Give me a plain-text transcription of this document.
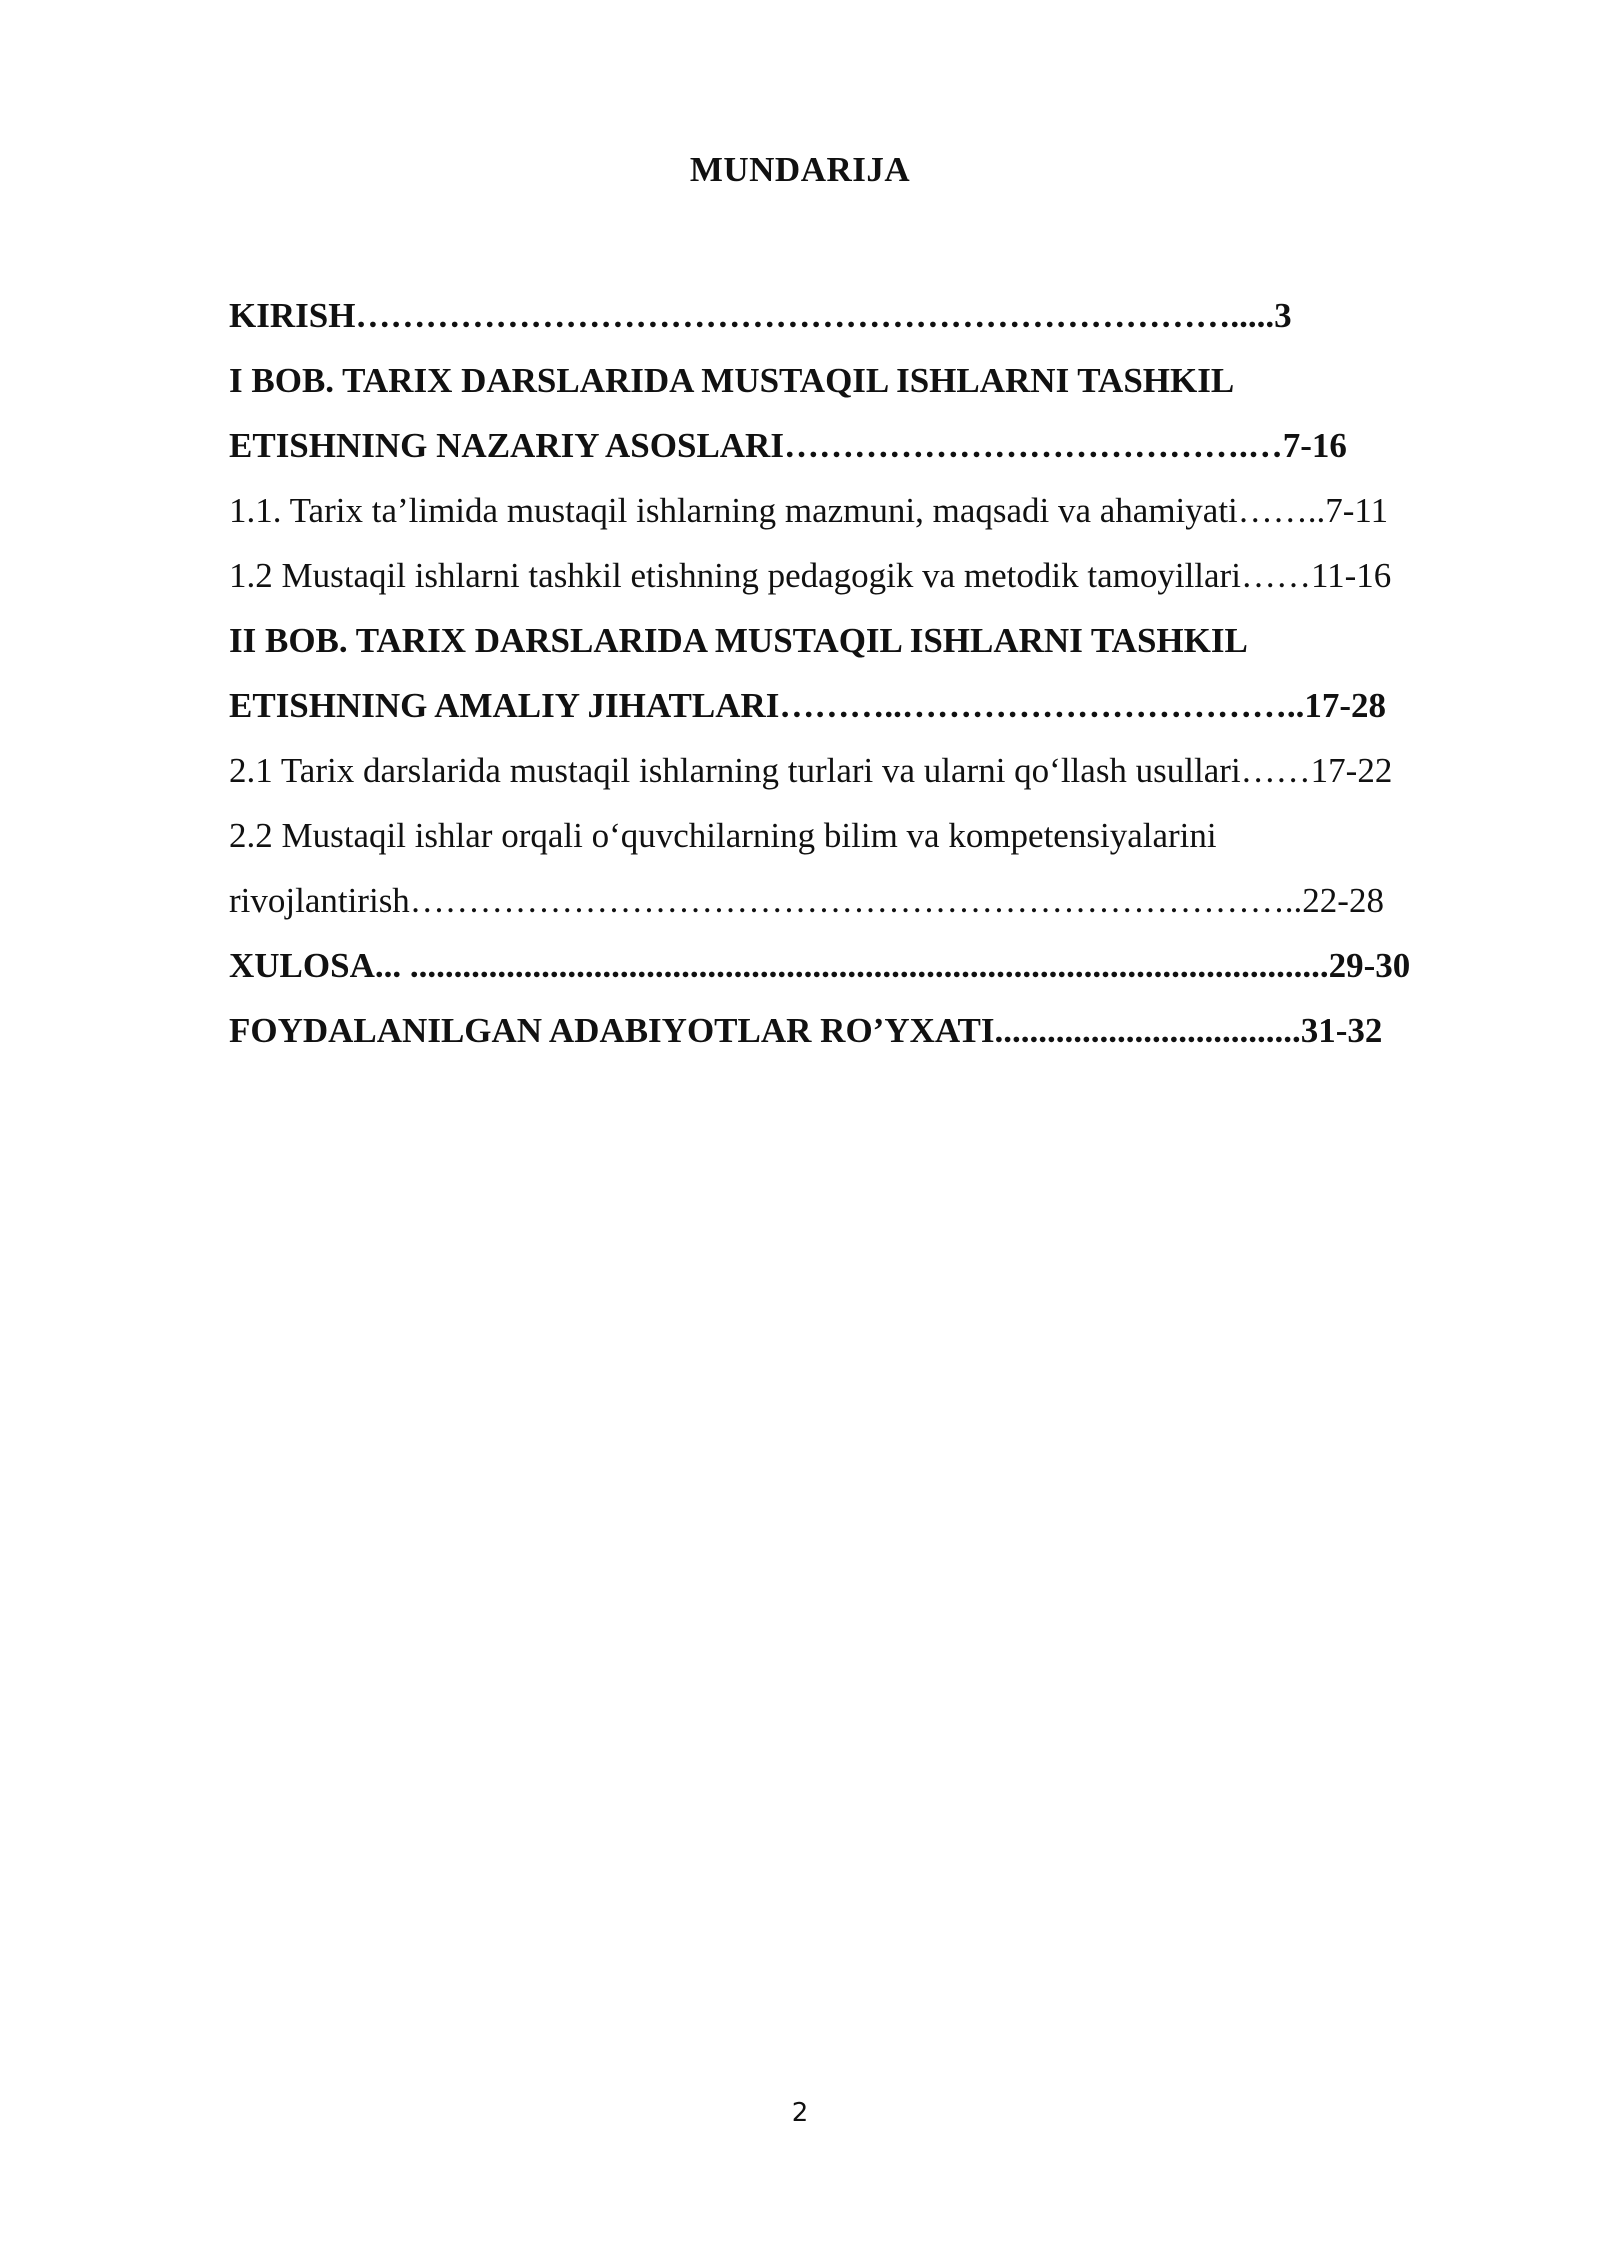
MUNDARIJA
KIRISH………………………………………………………………….....3
I BOB. TARIX DARSLARIDA MUSTAQIL ISHLARNI TASHKIL
ETISHNING NAZARIY ASOSLARI………………………………….…7-16
1.1. Tarix ta’limida mustaqil ishlarning mazmuni, maqsadi va ahamiyati……..7-11
1.2 Mustaqil ishlarni tashkil etishning pedagogik va metodik tamoyillari……11-16
II BOB. TARIX DARSLARIDA MUSTAQIL ISHLARNI TASHKIL
ETISHNING AMALIY JIHATLARI………..……………………………..17-28
2.1 Tarix darslarida mustaqil ishlarning turlari va ularni qo‘llash usullari……17-22
2.2 Mustaqil ishlar orqali o‘quvchilarning bilim va kompetensiyalarini
rivojlantirish…………………………………………………………………..22-28
XULOSA... .........................................................................................................29-30
FOYDALANILGAN ADABIYOTLAR RO’YXATI...................................31-32
2
